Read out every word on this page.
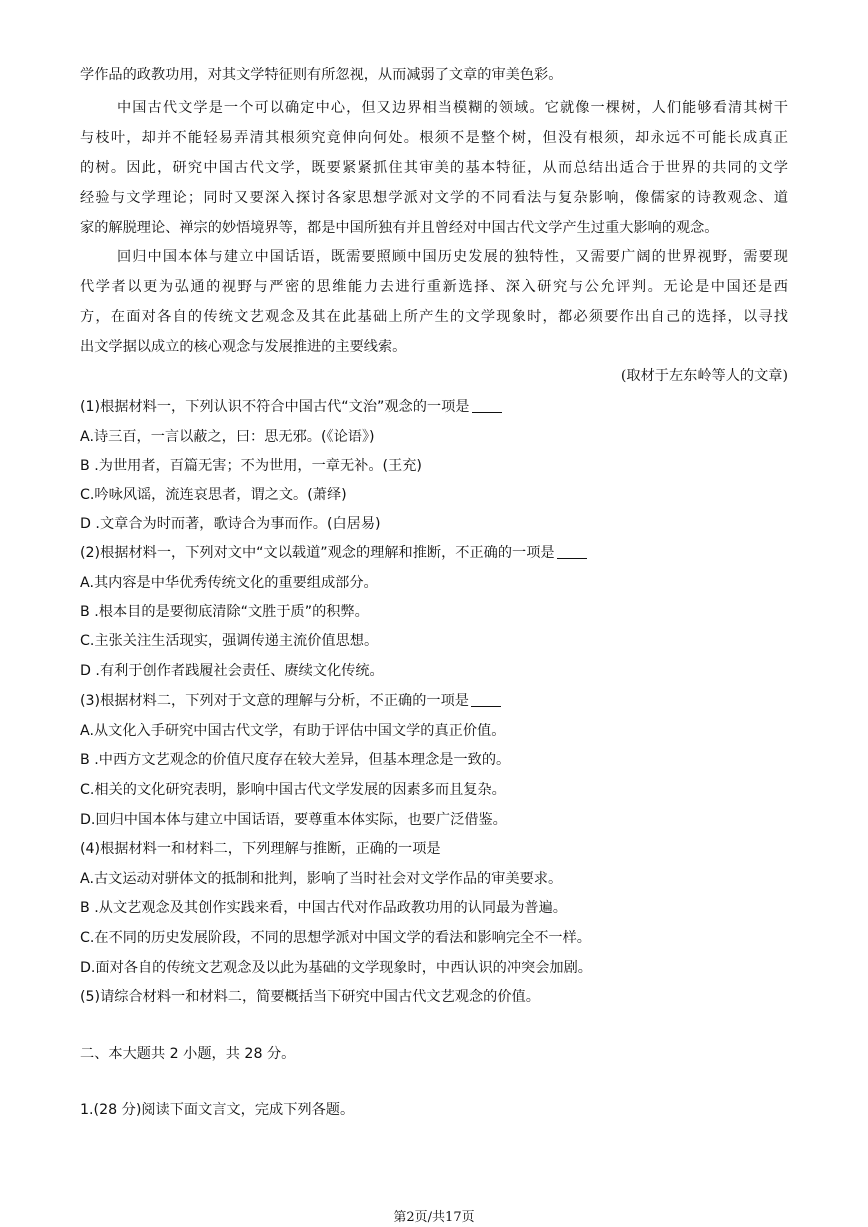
学作品的政教功用，对其文学特征则有所忽视，从而减弱了文章的审美色彩。
中国古代文学是一个可以确定中心，但又边界相当模糊的领域。它就像一棵树，人们能够看清其树干
与枝叶，却并不能轻易弄清其根须究竟伸向何处。根须不是整个树，但没有根须，却永远不可能长成真正
的树。因此，研究中国古代文学，既要紧紧抓住其审美的基本特征，从而总结出适合于世界的共同的文学
经验与文学理论；同时又要深入探讨各家思想学派对文学的不同看法与复杂影响，像儒家的诗教观念、道
家的解脱理论、禅宗的妙悟境界等，都是中国所独有并且曾经对中国古代文学产生过重大影响的观念。
回归中国本体与建立中国话语，既需要照顾中国历史发展的独特性，又需要广阔的世界视野，需要现
代学者以更为弘通的视野与严密的思维能力去进行重新选择、深入研究与公允评判。无论是中国还是西
方，在面对各自的传统文艺观念及其在此基础上所产生的文学现象时，都必须要作出自己的选择，以寻找
出文学据以成立的核心观念与发展推进的主要线索。
(取材于左东岭等人的文章)
(1)根据材料一，下列认识不符合中国古代“文治”观念的一项是
A.诗三百，一言以蔽之，曰：思无邪。(《论语》)
B .为世用者，百篇无害；不为世用，一章无补。(王充)
C.吟咏风谣，流连哀思者，谓之文。(萧绎)
D .文章合为时而著，歌诗合为事而作。(白居易)
(2)根据材料一，下列对文中“文以载道”观念的理解和推断，不正确的一项是
A.其内容是中华优秀传统文化的重要组成部分。
B .根本目的是要彻底清除“文胜于质”的积弊。
C.主张关注生活现实，强调传递主流价值思想。
D .有利于创作者践履社会责任、赓续文化传统。
(3)根据材料二，下列对于文意的理解与分析，不正确的一项是
A.从文化入手研究中国古代文学，有助于评估中国文学的真正价值。
B .中西方文艺观念的价值尺度存在较大差异，但基本理念是一致的。
C.相关的文化研究表明，影响中国古代文学发展的因素多而且复杂。
D.回归中国本体与建立中国话语，要尊重本体实际，也要广泛借鉴。
(4)根据材料一和材料二，下列理解与推断，正确的一项是
A.古文运动对骈体文的抵制和批判，影响了当时社会对文学作品的审美要求。
B .从文艺观念及其创作实践来看，中国古代对作品政教功用的认同最为普遍。
C.在不同的历史发展阶段，不同的思想学派对中国文学的看法和影响完全不一样。
D.面对各自的传统文艺观念及以此为基础的文学现象时，中西认识的冲突会加剧。
(5)请综合材料一和材料二，简要概括当下研究中国古代文艺观念的价值。
二、本大题共 2 小题，共 28 分。
1.(28 分)阅读下面文言文，完成下列各题。
第2页/共17页
